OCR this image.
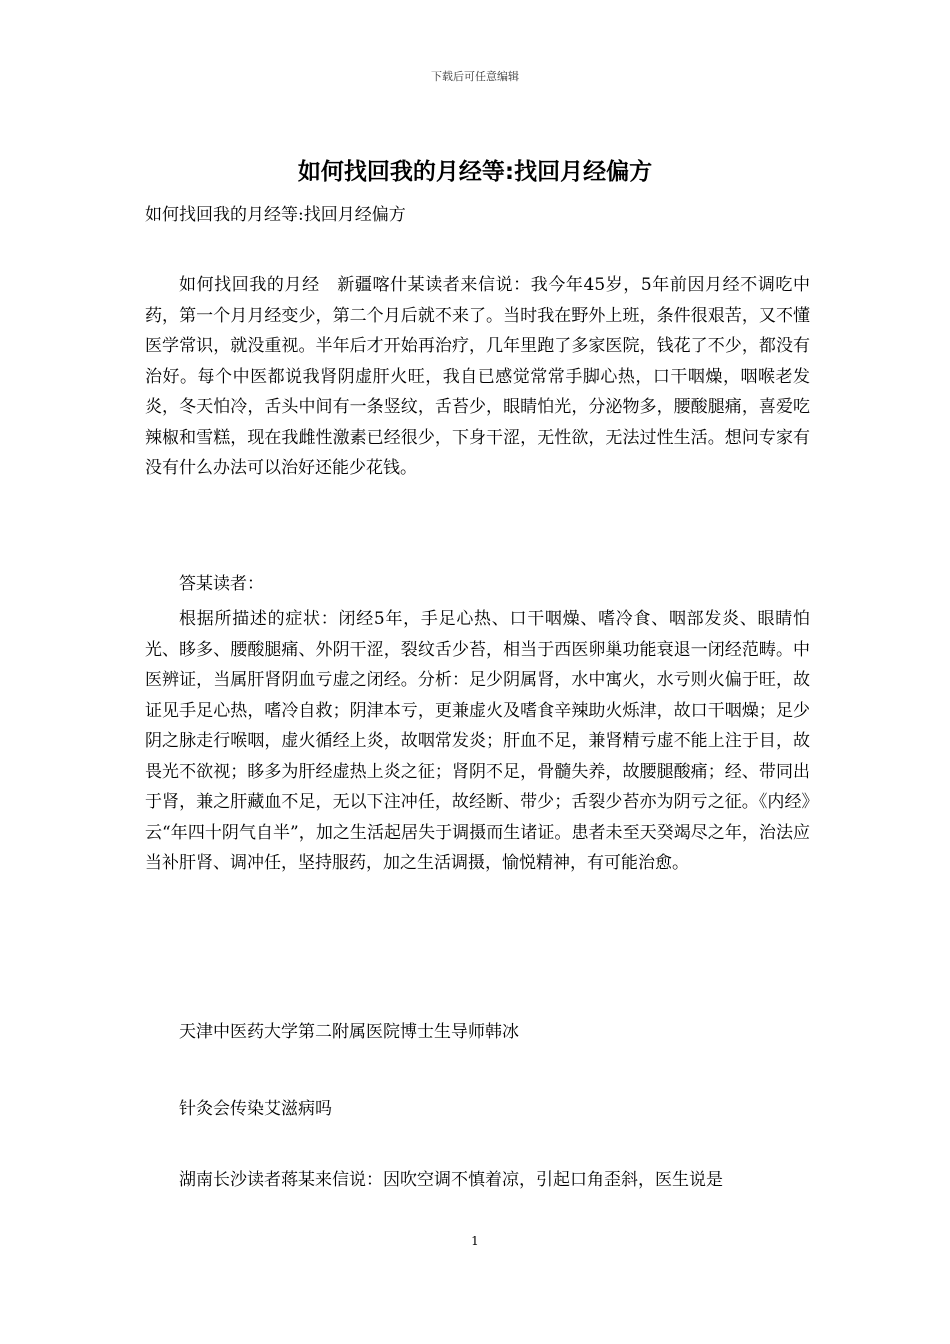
下载后可任意编辑
如何找回我的月经等:找回月经偏方
如何找回我的月经等:找回月经偏方
如何找回我的月经　新疆喀什某读者来信说：我今年45岁，5年前因月经不调吃中药，第一个月月经变少，第二个月后就不来了。当时我在野外上班，条件很艰苦，又不懂医学常识，就没重视。半年后才开始再治疗，几年里跑了多家医院，钱花了不少，都没有治好。每个中医都说我肾阴虚肝火旺，我自已感觉常常手脚心热，口干咽燥，咽喉老发炎，冬天怕冷，舌头中间有一条竖纹，舌苔少，眼睛怕光，分泌物多，腰酸腿痛，喜爱吃辣椒和雪糕，现在我雌性激素已经很少，下身干涩，无性欲，无法过性生活。想问专家有没有什么办法可以治好还能少花钱。
答某读者：
根据所描述的症状：闭经5年，手足心热、口干咽燥、嗜冷食、咽部发炎、眼睛怕光、眵多、腰酸腿痛、外阴干涩，裂纹舌少苔，相当于西医卵巢功能衰退一闭经范畴。中医辨证，当属肝肾阴血亏虚之闭经。分析：足少阴属肾，水中寓火，水亏则火偏于旺，故证见手足心热，嗜冷自救；阴津本亏，更兼虚火及嗜食辛辣助火烁津，故口干咽燥；足少阴之脉走行喉咽，虚火循经上炎，故咽常发炎；肝血不足，兼肾精亏虚不能上注于目，故畏光不欲视；眵多为肝经虚热上炎之征；肾阴不足，骨髓失养，故腰腿酸痛；经、带同出于肾，兼之肝藏血不足，无以下注冲任，故经断、带少；舌裂少苔亦为阴亏之征。《内经》云“年四十阴气自半”，加之生活起居失于调摄而生诸证。患者未至天癸竭尽之年，治法应当补肝肾、调冲任，坚持服药，加之生活调摄，愉悦精神，有可能治愈。
天津中医药大学第二附属医院博士生导师韩冰
针灸会传染艾滋病吗
湖南长沙读者蒋某来信说：因吹空调不慎着凉，引起口角歪斜，医生说是
1
